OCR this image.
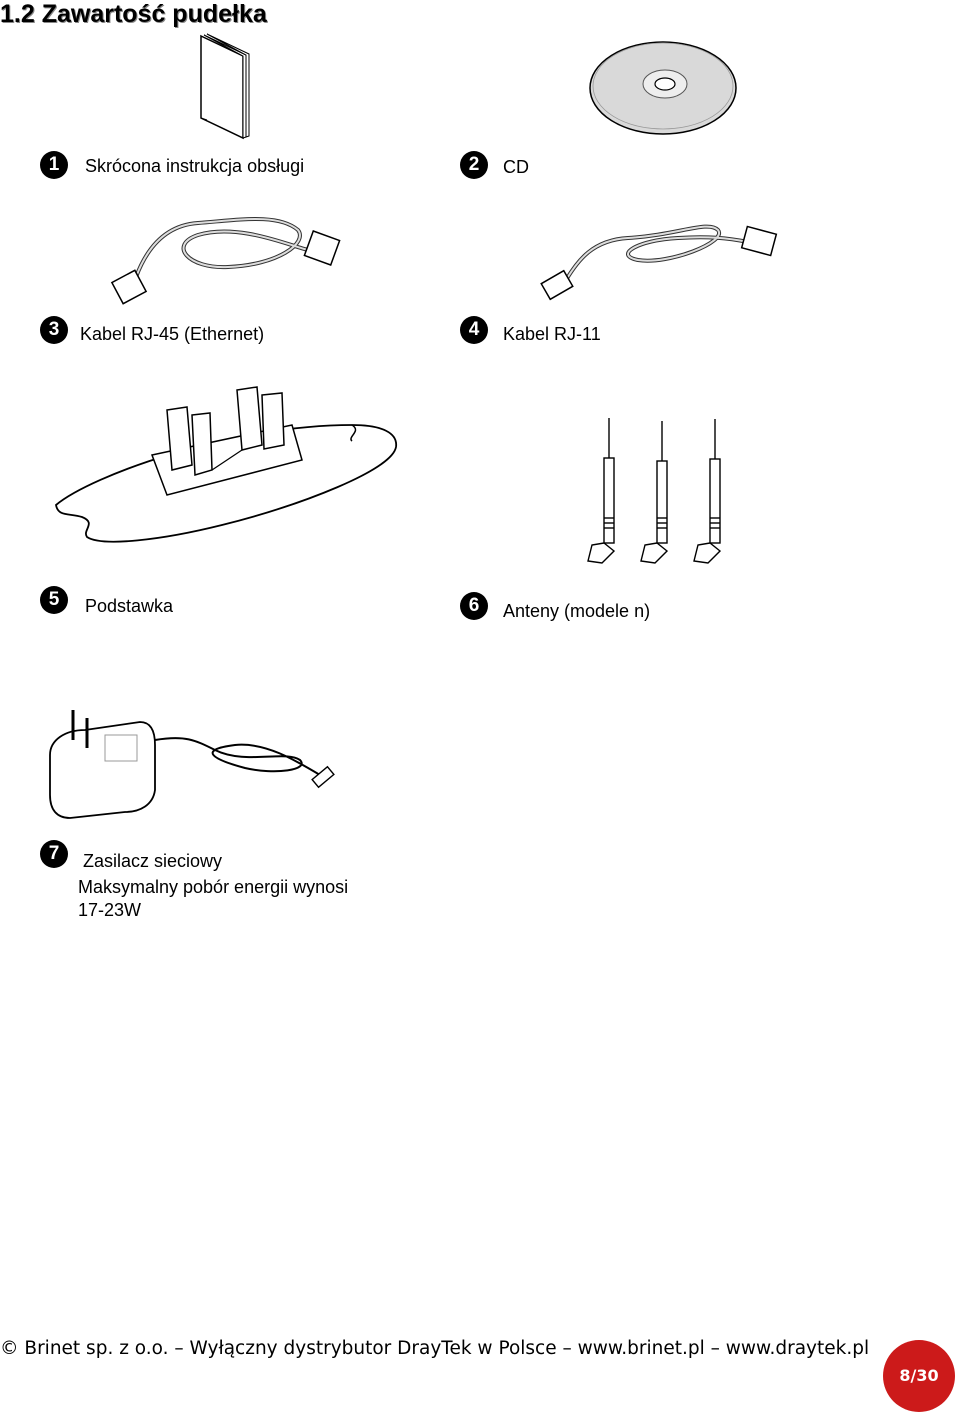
1.2 Zawartość pudełka
1	Skrócona instrukcja obsługi	2	CD
3	Kabel RJ-45 (Ethernet)	4	Kabel RJ-11
5	Podstawka	6	Anteny (modele n)
7	Zasilacz sieciowy
Maksymalny pobór energii wynosi
17-23W
© Brinet sp. z o.o. – Wyłączny dystrybutor DrayTek w Polsce – www.brinet.pl – www.draytek.pl
8/30
